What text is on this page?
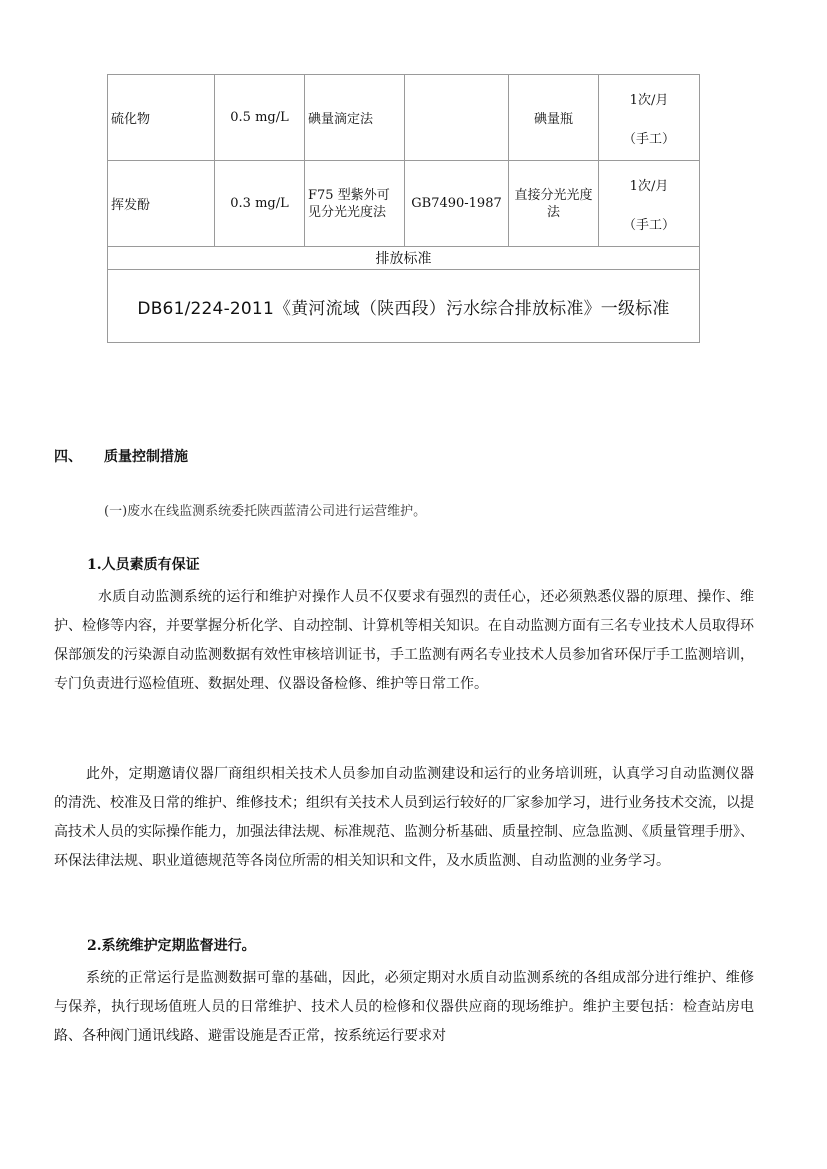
硫化物	0.5 mg/L	碘量滴定法		碘量瓶	1次/月
（手工）

挥发酚	0.3 mg/L	F75 型紫外可见分光光度法	GB7490-1987	直接分光光度法	1次/月
（手工）

排放标准					
DB61/224-2011《黄河流域（陕西段）污水综合排放标准》一级标准					
四、 质量控制措施
(一)废水在线监测系统委托陕西蓝清公司进行运营维护。
1.人员素质有保证

水质自动监测系统的运行和维护对操作人员不仅要求有强烈的责任心，还必须熟悉仪器的原理、操作、维护、检修等内容，并要掌握分析化学、自动控制、计算机等相关知识。在自动监测方面有三名专业技术人员取得环保部颁发的污染源自动监测数据有效性审核培训证书，手工监测有两名专业技术人员参加省环保厅手工监测培训，专门负责进行巡检值班、数据处理、仪器设备检修、维护等日常工作。

此外，定期邀请仪器厂商组织相关技术人员参加自动监测建设和运行的业务培训班，认真学习自动监测仪器的清洗、校准及日常的维护、维修技术；组织有关技术人员到运行较好的厂家参加学习，进行业务技术交流，以提高技术人员的实际操作能力，加强法律法规、标准规范、监测分析基础、质量控制、应急监测、《质量管理手册》、环保法律法规、职业道德规范等各岗位所需的相关知识和文件，及水质监测、自动监测的业务学习。

2.系统维护定期监督进行。

系统的正常运行是监测数据可靠的基础，因此，必须定期对水质自动监测系统的各组成部分进行维护、维修与保养，执行现场值班人员的日常维护、技术人员的检修和仪器供应商的现场维护。维护主要包括：检查站房电路、各种阀门通讯线路、避雷设施是否正常，按系统运行要求对
